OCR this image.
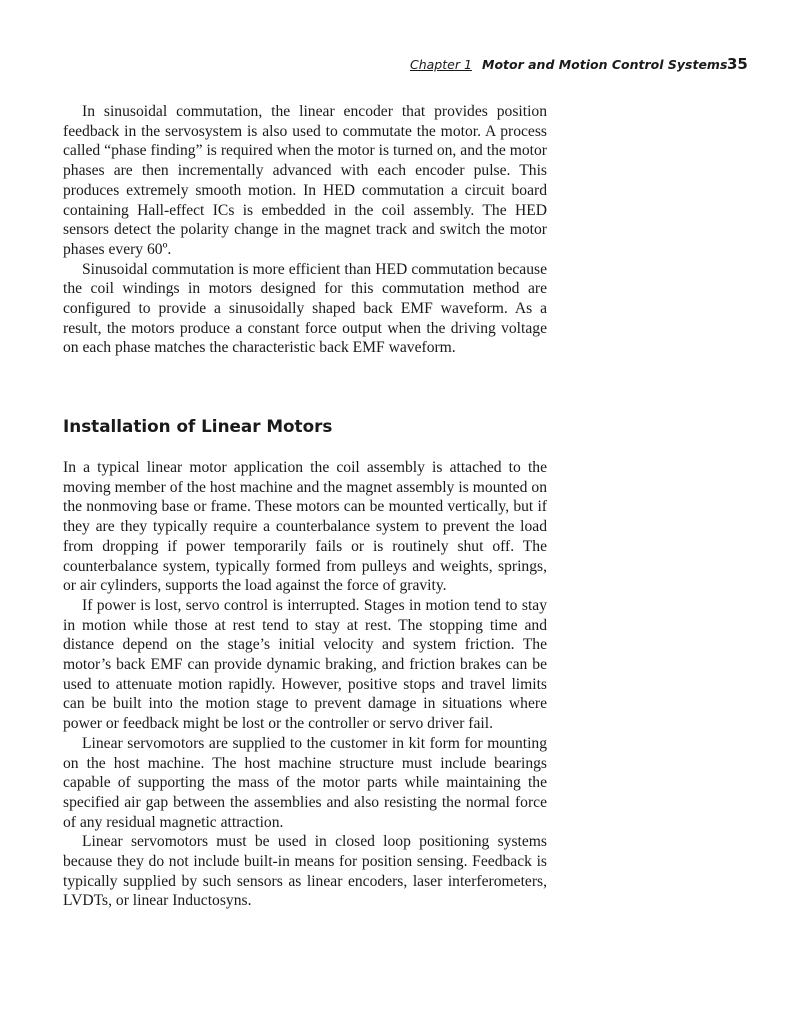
Chapter 1 Motor and Motion Control Systems 35

In sinusoidal commutation, the linear encoder that provides position feedback in the servosystem is also used to commutate the motor. A process called “phase finding” is required when the motor is turned on, and the motor phases are then incrementally advanced with each encoder pulse. This produces extremely smooth motion. In HED commutation a circuit board containing Hall-effect ICs is embedded in the coil assembly. The HED sensors detect the polarity change in the magnet track and switch the motor phases every 60º.

Sinusoidal commutation is more efficient than HED commutation because the coil windings in motors designed for this commutation method are configured to provide a sinusoidally shaped back EMF waveform. As a result, the motors produce a constant force output when the driving voltage on each phase matches the characteristic back EMF waveform.

Installation of Linear Motors

In a typical linear motor application the coil assembly is attached to the moving member of the host machine and the magnet assembly is mounted on the nonmoving base or frame. These motors can be mounted vertically, but if they are they typically require a counterbalance system to prevent the load from dropping if power temporarily fails or is routinely shut off. The counterbalance system, typically formed from pulleys and weights, springs, or air cylinders, supports the load against the force of gravity.

If power is lost, servo control is interrupted. Stages in motion tend to stay in motion while those at rest tend to stay at rest. The stopping time and distance depend on the stage’s initial velocity and system friction. The motor’s back EMF can provide dynamic braking, and friction brakes can be used to attenuate motion rapidly. However, positive stops and travel limits can be built into the motion stage to prevent damage in situations where power or feedback might be lost or the controller or servo driver fail.

Linear servomotors are supplied to the customer in kit form for mounting on the host machine. The host machine structure must include bearings capable of supporting the mass of the motor parts while maintaining the specified air gap between the assemblies and also resisting the normal force of any residual magnetic attraction.

Linear servomotors must be used in closed loop positioning systems because they do not include built-in means for position sensing. Feedback is typically supplied by such sensors as linear encoders, laser interferometers, LVDTs, or linear Inductosyns.
